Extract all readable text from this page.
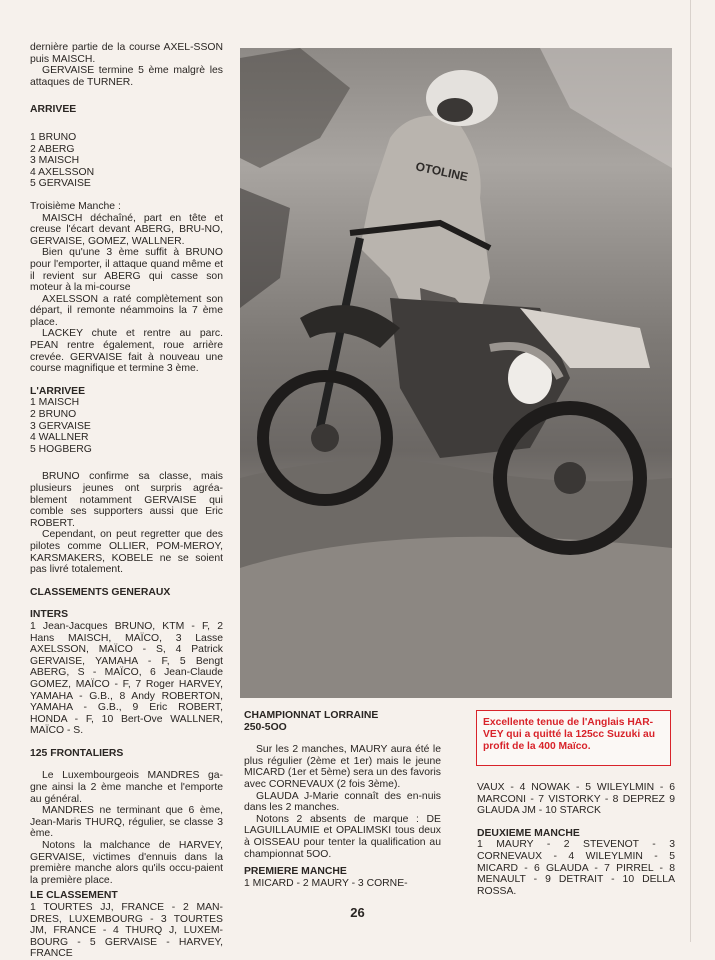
dernière partie de la course AXEL-SSON puis MAISCH.

GERVAISE termine 5 ème malgrè les attaques de TURNER.

ARRIVEE

1 BRUNO
2 ABERG
3 MAISCH
4 AXELSSON
5 GERVAISE

Troisième Manche :

MAISCH déchaîné, part en tête et creuse l'écart devant ABERG, BRU-NO, GERVAISE, GOMEZ, WALLNER.

Bien qu'une 3 ème suffit à BRUNO pour l'emporter, il attaque quand même et il revient sur ABERG qui casse son moteur à la mi-course

AXELSSON a raté complètement son départ, il remonte néammoins la 7 ème place.

LACKEY chute et rentre au parc. PEAN rentre également, roue arrière crevée. GERVAISE fait à nouveau une course magnifique et termine 3 ème.

L'ARRIVEE

1 MAISCH
2 BRUNO
3 GERVAISE
4 WALLNER
5 HOGBERG

BRUNO confirme sa classe, mais plusieurs jeunes ont surpris agréa-blement notamment GERVAISE qui comble ses supporters aussi que Eric ROBERT.

Cependant, on peut regretter que des pilotes comme OLLIER, POM-MEROY, KARSMAKERS, KOBELE ne se soient pas livré totalement.

CLASSEMENTS GENERAUX

INTERS

1 Jean-Jacques BRUNO, KTM - F, 2 Hans MAISCH, MAÏCO, 3 Lasse AXELSSON, MAÏCO - S, 4 Patrick GERVAISE, YAMAHA - F, 5 Bengt ABERG, S - MAÏCO, 6 Jean-Claude GOMEZ, MAÏCO - F, 7 Roger HARVEY, YAMAHA - G.B., 8 Andy ROBERTON, YAMAHA - G.B., 9 Eric ROBERT, HONDA - F, 10 Bert-Ove WALLNER, MAÏCO - S.

125 FRONTALIERS

Le Luxembourgeois MANDRES ga-gne ainsi la 2 ème manche et l'emporte au général.

MANDRES ne terminant que 6 ème, Jean-Maris THURQ, régulier, se classe 3 ème.

Notons la malchance de HARVEY, GERVAISE, victimes d'ennuis dans la première manche alors qu'ils occu-paient la première place.

LE CLASSEMENT

1 TOURTES JJ, FRANCE - 2 MAN-DRES, LUXEMBOURG - 3 TOURTES JM, FRANCE - 4 THURQ J, LUXEM-BOURG - 5 GERVAISE - HARVEY, FRANCE

OTOLINE

CHAMPIONNAT LORRAINE

250-5OO

Sur les 2 manches, MAURY aura été le plus régulier (2ème et 1er) mais le jeune MICARD (1er et 5ème) sera un des favoris avec CORNEVAUX (2 fois 3ème).

GLAUDA J-Marie connaît des en-nuis dans les 2 manches.

Notons 2 absents de marque : DE LAGUILLAUMIE et OPALIMSKI tous deux à OISSEAU pour tenter la qualification au championnat 5OO.

PREMIERE MANCHE

1 MICARD - 2 MAURY - 3 CORNE-

Excellente tenue de l'Anglais HAR-VEY qui a quitté la 125cc Suzuki au profit de la 400 Maïco.

VAUX - 4 NOWAK - 5 WILEYLMIN - 6 MARCONI - 7 VISTORKY - 8 DEPREZ 9 GLAUDA JM - 10 STARCK

DEUXIEME MANCHE

1 MAURY - 2 STEVENOT - 3 CORNEVAUX - 4 WILEYLMIN - 5 MICARD - 6 GLAUDA - 7 PIRREL - 8 MENAULT - 9 DETRAIT - 10 DELLA ROSSA.

26
